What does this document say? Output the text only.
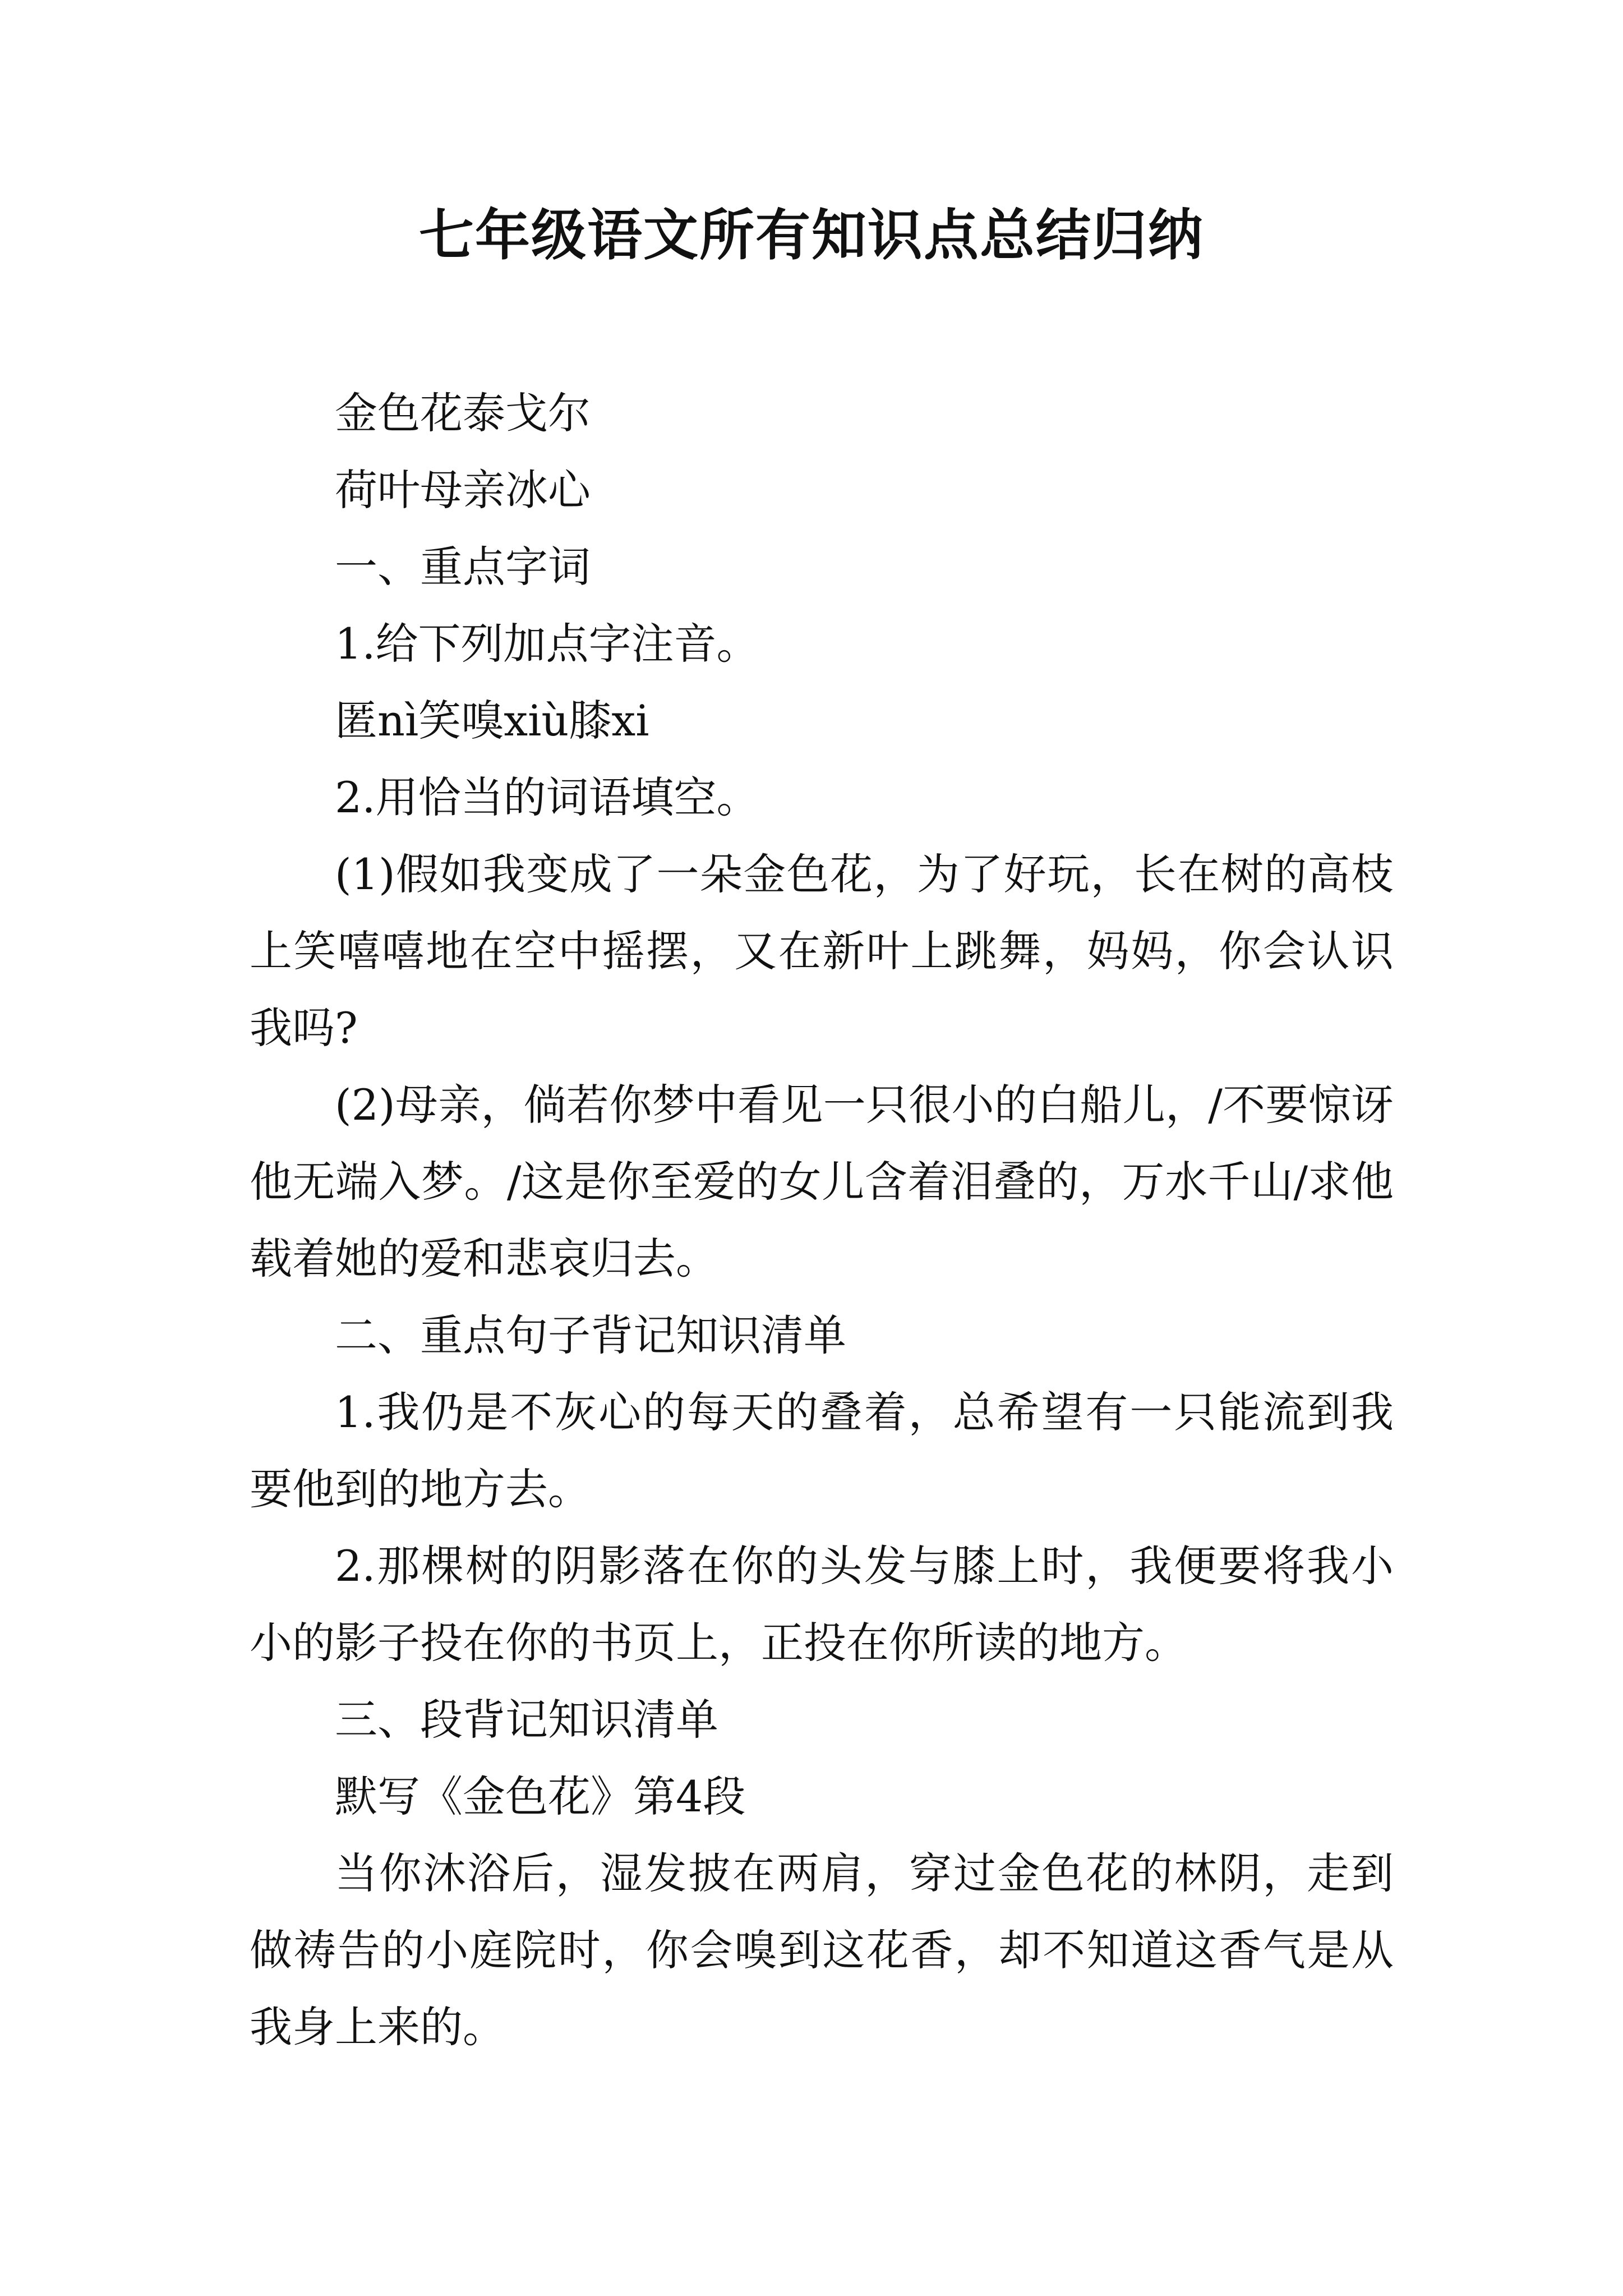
七年级语文所有知识点总结归纳

金色花泰戈尔

荷叶母亲冰心

一、重点字词

1.给下列加点字注音。

匿nì笑嗅xiù膝xi

2.用恰当的词语填空。

(1)假如我变成了一朵金色花，为了好玩，长在树的高枝上笑嘻嘻地在空中摇摆，又在新叶上跳舞，妈妈，你会认识我吗?

(2)母亲，倘若你梦中看见一只很小的白船儿，/不要惊讶他无端入梦。/这是你至爱的女儿含着泪叠的，万水千山/求他载着她的爱和悲哀归去。

二、重点句子背记知识清单

1.我仍是不灰心的每天的叠着，总希望有一只能流到我要他到的地方去。

2.那棵树的阴影落在你的头发与膝上时，我便要将我小小的影子投在你的书页上，正投在你所读的地方。

三、段背记知识清单

默写《金色花》第4段

当你沐浴后，湿发披在两肩，穿过金色花的林阴，走到做祷告的小庭院时，你会嗅到这花香，却不知道这香气是从我身上来的。
